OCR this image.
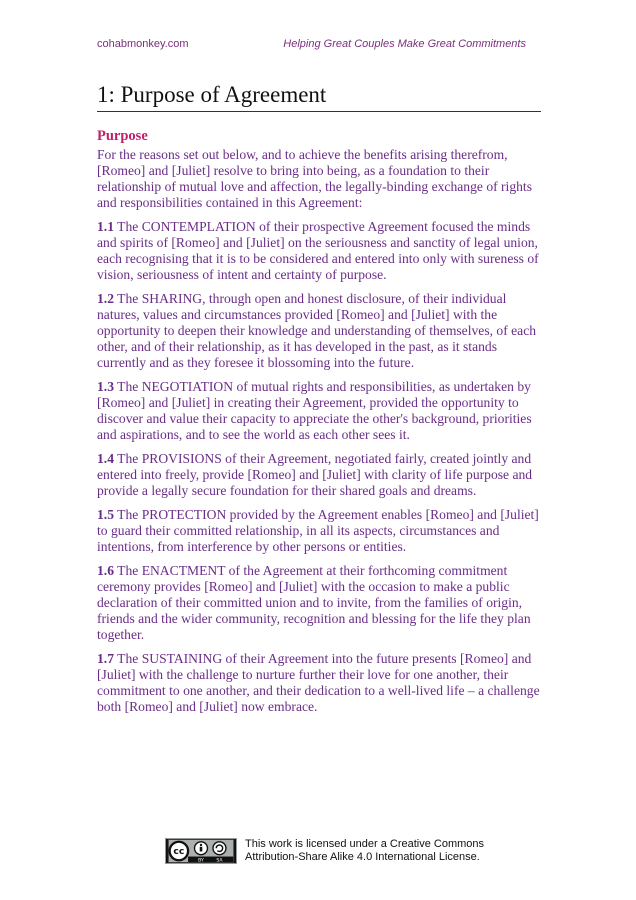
cohabmonkey.com	Helping Great Couples Make Great Commitments
1: Purpose of Agreement
Purpose

For the reasons set out below, and to achieve the benefits arising therefrom, [Romeo] and [Juliet] resolve to bring into being, as a foundation to their relationship of mutual love and affection, the legally-binding exchange of rights and responsibilities contained in this Agreement:

1.1 The CONTEMPLATION of their prospective Agreement focused the minds and spirits of [Romeo] and [Juliet] on the seriousness and sanctity of legal union, each recognising that it is to be considered and entered into only with sureness of vision, seriousness of intent and certainty of purpose.

1.2 The SHARING, through open and honest disclosure, of their individual natures, values and circumstances provided [Romeo] and [Juliet] with the opportunity to deepen their knowledge and understanding of themselves, of each other, and of their relationship, as it has developed in the past, as it stands currently and as they foresee it blossoming into the future.

1.3 The NEGOTIATION of mutual rights and responsibilities, as undertaken by [Romeo] and [Juliet] in creating their Agreement, provided the opportunity to discover and value their capacity to appreciate the other's background, priorities and aspirations, and to see the world as each other sees it.

1.4 The PROVISIONS of their Agreement, negotiated fairly, created jointly and entered into freely, provide [Romeo] and [Juliet] with clarity of life purpose and provide a legally secure foundation for their shared goals and dreams.

1.5 The PROTECTION provided by the Agreement enables [Romeo] and [Juliet] to guard their committed relationship, in all its aspects, circumstances and intentions, from interference by other persons or entities.

1.6 The ENACTMENT of the Agreement at their forthcoming commitment ceremony provides [Romeo] and [Juliet] with the occasion to make a public declaration of their committed union and to invite, from the families of origin, friends and the wider community, recognition and blessing for the life they plan together.

1.7 The SUSTAINING of their Agreement into the future presents [Romeo] and [Juliet] with the challenge to nurture further their love for one another, their commitment to one another, and their dedication to a well-lived life – a challenge both [Romeo] and [Juliet] now embrace.

cc
BY	SA
This work is licensed under a Creative Commons
Attribution-Share Alike 4.0 International License.
